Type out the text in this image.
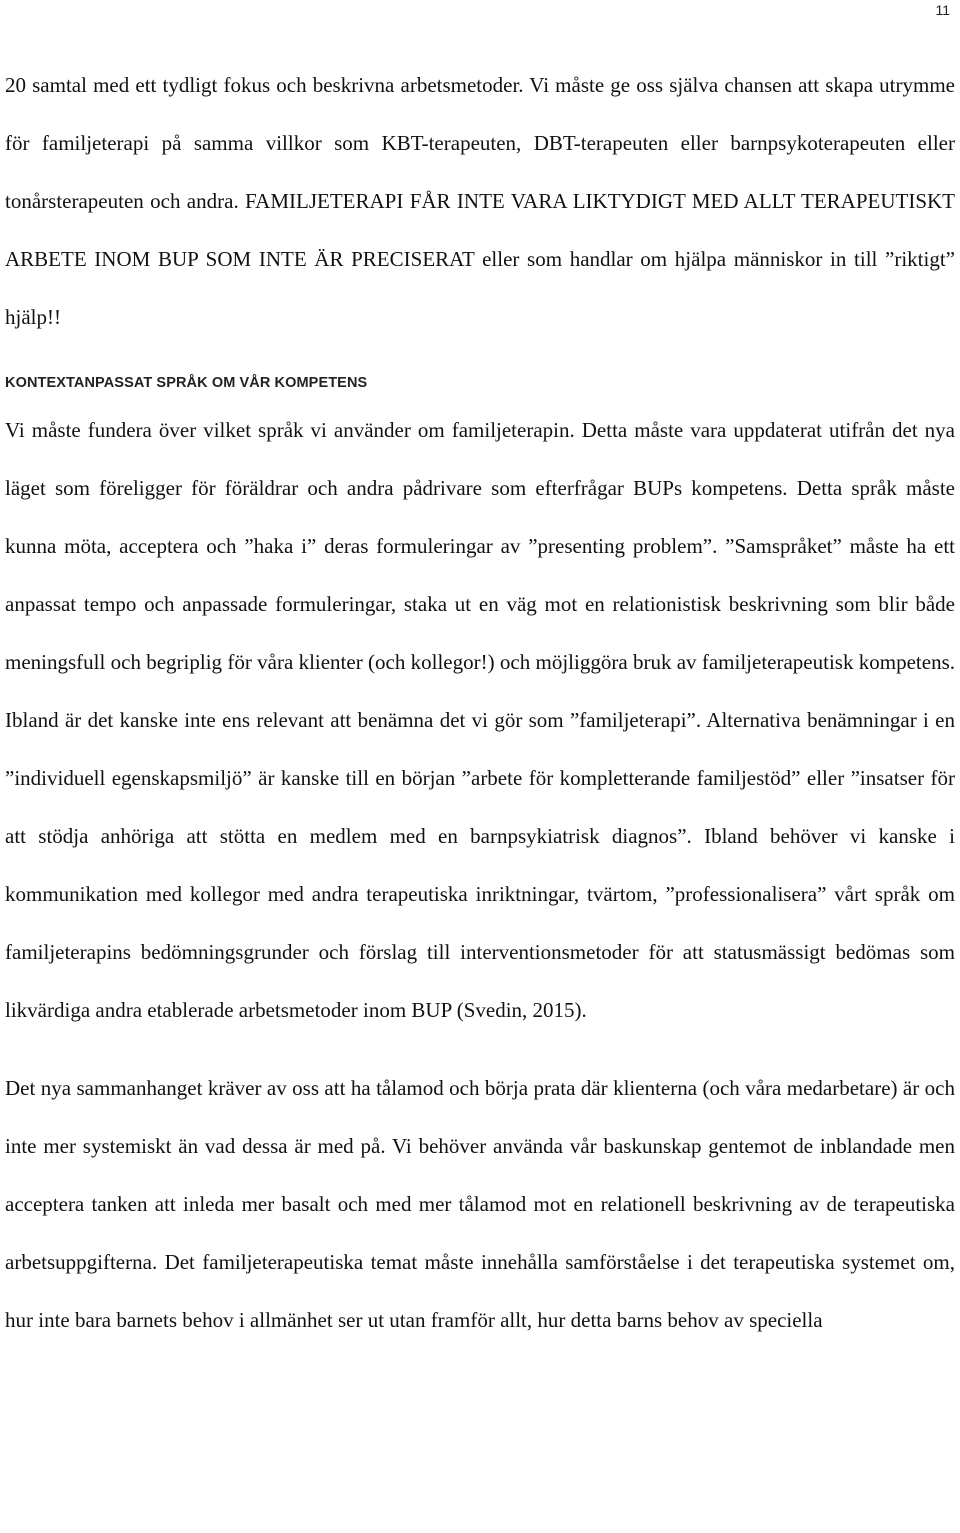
11

20 samtal med ett tydligt fokus och beskrivna arbetsmetoder. Vi måste ge oss själva chansen att skapa utrymme för familjeterapi på samma villkor som KBT-terapeuten, DBT-terapeuten eller barnpsykoterapeuten eller tonårsterapeuten och andra. FAMILJETERAPI FÅR INTE VARA LIKTYDIGT MED ALLT TERAPEUTISKT ARBETE INOM BUP SOM INTE ÄR PRECISERAT eller som handlar om hjälpa människor in till ”riktigt” hjälp!!

KONTEXTANPASSAT SPRÅK OM VÅR KOMPETENS

Vi måste fundera över vilket språk vi använder om familjeterapin. Detta måste vara uppdaterat utifrån det nya läget som föreligger för föräldrar och andra pådrivare som efterfrågar BUPs kompetens. Detta språk måste kunna möta, acceptera och ”haka i” deras formuleringar av ”presenting problem”. ”Samspråket” måste ha ett anpassat tempo och anpassade formuleringar, staka ut en väg mot en relationistisk beskrivning som blir både meningsfull och begriplig för våra klienter (och kollegor!) och möjliggöra bruk av familjeterapeutisk kompetens. Ibland är det kanske inte ens relevant att benämna det vi gör som ”familjeterapi”. Alternativa benämningar i en ”individuell egenskapsmiljö” är kanske till en början ”arbete för kompletterande familjestöd” eller ”insatser för att stödja anhöriga att stötta en medlem med en barnpsykiatrisk diagnos”. Ibland behöver vi kanske i kommunikation med kollegor med andra terapeutiska inriktningar, tvärtom, ”professionalisera” vårt språk om familjeterapins bedömningsgrunder och förslag till interventionsmetoder för att statusmässigt bedömas som likvärdiga andra etablerade arbetsmetoder inom BUP (Svedin, 2015).

Det nya sammanhanget kräver av oss att ha tålamod och börja prata där klienterna (och våra medarbetare) är och inte mer systemiskt än vad dessa är med på. Vi behöver använda vår baskunskap gentemot de inblandade men acceptera tanken att inleda mer basalt och med mer tålamod mot en relationell beskrivning av de terapeutiska arbetsuppgifterna. Det familjeterapeutiska temat måste innehålla samförståelse i det terapeutiska systemet om, hur inte bara barnets behov i allmänhet ser ut utan framför allt, hur detta barns behov av speciella
